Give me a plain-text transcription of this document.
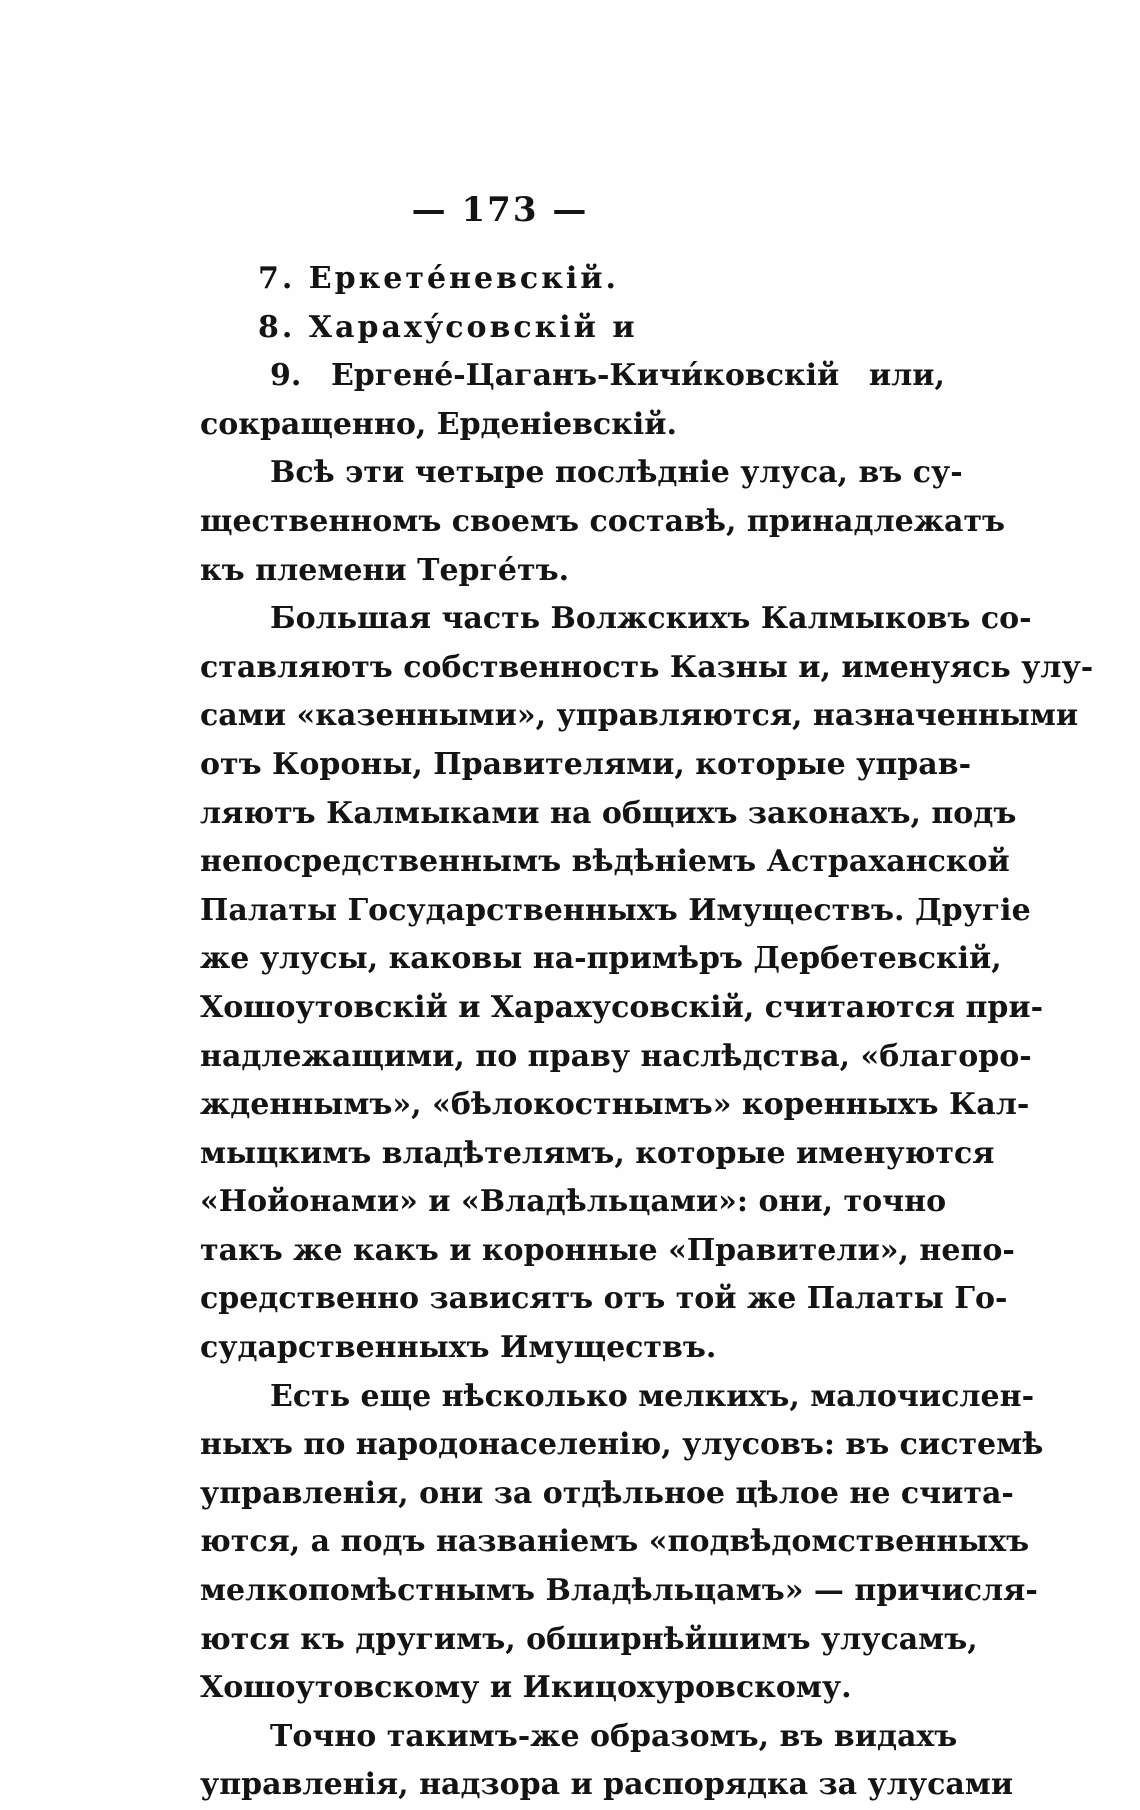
— 173 —
7. Еркете́невскій.
8. Харахýсовскій и
9. Ергене́-Цаганъ-Кичи́ковскій или,
сокращенно, Ерденіевскій.
Всѣ эти четыре послѣдніе улуса, въ су-
щественномъ своемъ составѣ, принадлежатъ
къ племени Терге́тъ.
Большая часть Волжскихъ Калмыковъ со-
ставляютъ собственность Казны и, именуясь улу-
сами «казенными», управляются, назначенными
отъ Короны, Правителями, которые управ-
ляютъ Калмыками на общихъ законахъ, подъ
непосредственнымъ вѣдѣніемъ Астраханской
Палаты Государственныхъ Имуществъ. Другіе
же улусы, каковы на-примѣръ Дербетевскій,
Хошоутовскій и Харахусовскій, считаются при-
надлежащими, по праву наслѣдства, «благоро-
жденнымъ», «бѣлокостнымъ» коренныхъ Кал-
мыцкимъ владѣтелямъ, которые именуются
«Нойонами» и «Владѣльцами»: они, точно
такъ же какъ и коронные «Правители», непо-
средственно зависятъ отъ той же Палаты Го-
сударственныхъ Имуществъ.
Есть еще нѣсколько мелкихъ, малочислен-
ныхъ по народонаселенію, улусовъ: въ системѣ
управленія, они за отдѣльное цѣлое не счита-
ются, а подъ названіемъ «подвѣдомственныхъ
мелкопомѣстнымъ Владѣльцамъ» — причисля-
ются къ другимъ, обширнѣйшимъ улусамъ,
Хошоутовскому и Икицохуровскому.
Точно такимъ-же образомъ, въ видахъ
управленія, надзора и распорядка за улусами
